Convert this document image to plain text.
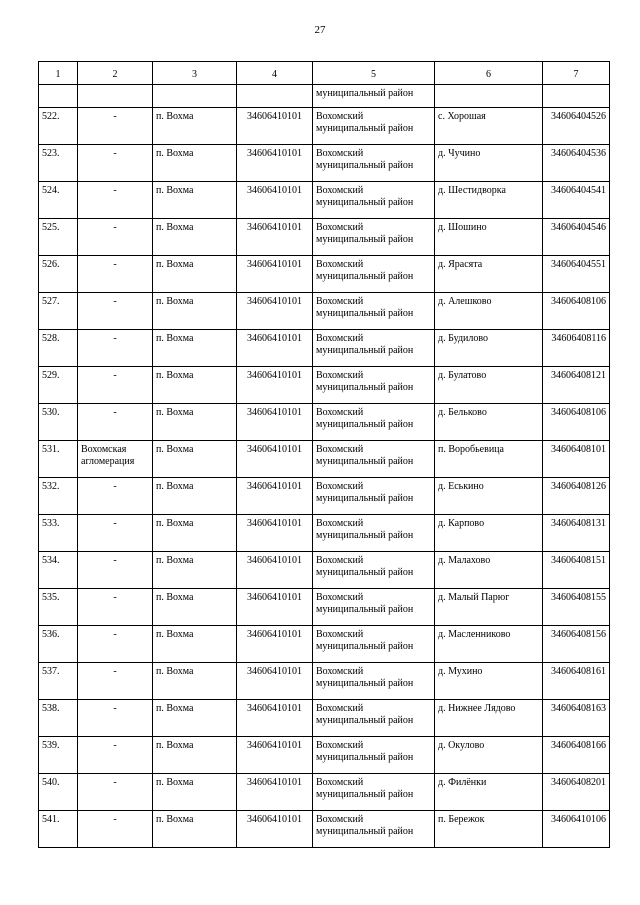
27
1	2	3	4	5	6	7
				муниципальный район		
522.	-	п. Вохма	34606410101	Вохомский муниципальный район	с. Хорошая	34606404526
523.	-	п. Вохма	34606410101	Вохомский муниципальный район	д. Чучино	34606404536
524.	-	п. Вохма	34606410101	Вохомский муниципальный район	д. Шестидворка	34606404541
525.	-	п. Вохма	34606410101	Вохомский муниципальный район	д. Шошино	34606404546
526.	-	п. Вохма	34606410101	Вохомский муниципальный район	д. Ярасята	34606404551
527.	-	п. Вохма	34606410101	Вохомский муниципальный район	д. Алешково	34606408106
528.	-	п. Вохма	34606410101	Вохомский муниципальный район	д. Будилово	34606408116
529.	-	п. Вохма	34606410101	Вохомский муниципальный район	д. Булатово	34606408121
530.	-	п. Вохма	34606410101	Вохомский муниципальный район	д. Бельково	34606408106
531.	Вохомская агломерация	п. Вохма	34606410101	Вохомский муниципальный район	п. Воробьевица	34606408101
532.	-	п. Вохма	34606410101	Вохомский муниципальный район	д. Еськино	34606408126
533.	-	п. Вохма	34606410101	Вохомский муниципальный район	д. Карпово	34606408131
534.	-	п. Вохма	34606410101	Вохомский муниципальный район	д. Малахово	34606408151
535.	-	п. Вохма	34606410101	Вохомский муниципальный район	д. Малый Парюг	34606408155
536.	-	п. Вохма	34606410101	Вохомский муниципальный район	д. Масленниково	34606408156
537.	-	п. Вохма	34606410101	Вохомский муниципальный район	д. Мухино	34606408161
538.	-	п. Вохма	34606410101	Вохомский муниципальный район	д. Нижнее Лядово	34606408163
539.	-	п. Вохма	34606410101	Вохомский муниципальный район	д. Окулово	34606408166
540.	-	п. Вохма	34606410101	Вохомский муниципальный район	д. Филёнки	34606408201
541.	-	п. Вохма	34606410101	Вохомский муниципальный район	п. Бережок	34606410106
